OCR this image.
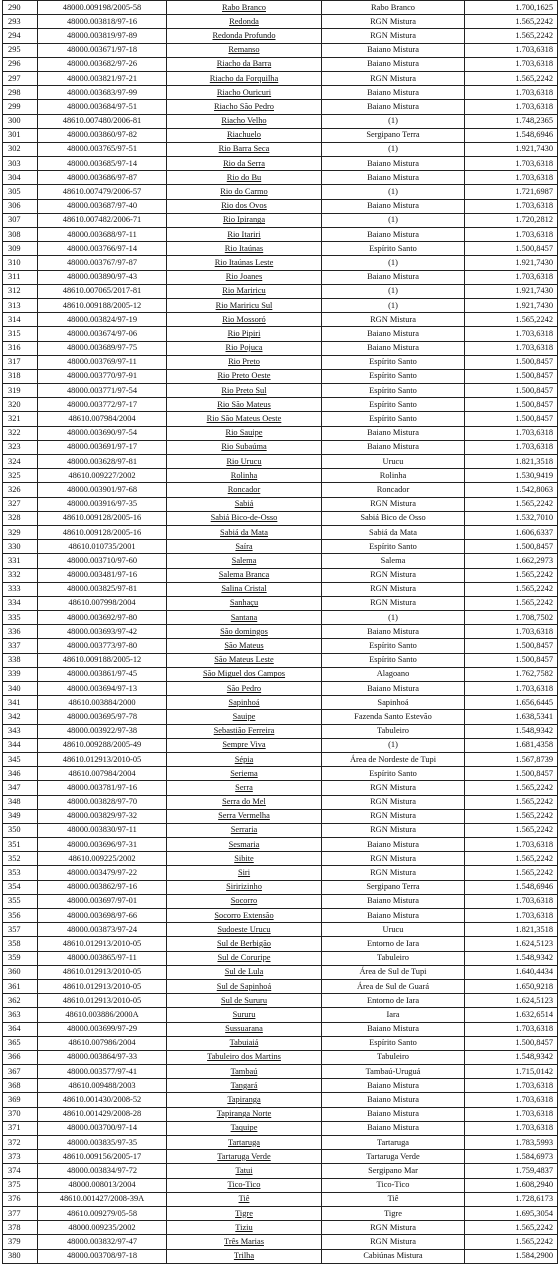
290	48000.009198/2005-58	Rabo Branco	Rabo Branco	1.700,1625
293	48000.003818/97-16	Redonda	RGN Mistura	1.565,2242
294	48000.003819/97-89	Redonda Profundo	RGN Mistura	1.565,2242
295	48000.003671/97-18	Remanso	Baiano Mistura	1.703,6318
296	48000.003682/97-26	Riacho da Barra	Baiano Mistura	1.703,6318
297	48000.003821/97-21	Riacho da Forquilha	RGN Mistura	1.565,2242
298	48000.003683/97-99	Riacho Ouricuri	Baiano Mistura	1.703,6318
299	48000.003684/97-51	Riacho São Pedro	Baiano Mistura	1.703,6318
300	48610.007480/2006-81	Riacho Velho	(1)	1.748,2365
301	48000.003860/97-82	Riachuelo	Sergipano Terra	1.548,6946
302	48000.003765/97-51	Rio Barra Seca	(1)	1.921,7430
303	48000.003685/97-14	Rio da Serra	Baiano Mistura	1.703,6318
304	48000.003686/97-87	Rio do Bu	Baiano Mistura	1.703,6318
305	48610.007479/2006-57	Rio do Carmo	(1)	1.721,6987
306	48000.003687/97-40	Rio dos Ovos	Baiano Mistura	1.703,6318
307	48610.007482/2006-71	Rio Ipiranga	(1)	1.720,2812
308	48000.003688/97-11	Rio Itariri	Baiano Mistura	1.703,6318
309	48000.003766/97-14	Rio Itaúnas	Espírito Santo	1.500,8457
310	48000.003767/97-87	Rio Itaúnas Leste	(1)	1.921,7430
311	48000.003890/97-43	Rio Joanes	Baiano Mistura	1.703,6318
312	48610.007065/2017-81	Rio Mariricu	(1)	1.921,7430
313	48610.009188/2005-12	Rio Mariricu Sul	(1)	1.921,7430
314	48000.003824/97-19	Rio Mossoró	RGN Mistura	1.565,2242
315	48000.003674/97-06	Rio Pipiri	Baiano Mistura	1.703,6318
316	48000.003689/97-75	Rio Pojuca	Baiano Mistura	1.703,6318
317	48000.003769/97-11	Rio Preto	Espírito Santo	1.500,8457
318	48000.003770/97-91	Rio Preto Oeste	Espírito Santo	1.500,8457
319	48000.003771/97-54	Rio Preto Sul	Espírito Santo	1.500,8457
320	48000.003772/97-17	Rio São Mateus	Espírito Santo	1.500,8457
321	48610.007984/2004	Rio São Mateus Oeste	Espírito Santo	1.500,8457
322	48000.003690/97-54	Rio Sauipe	Baiano Mistura	1.703,6318
323	48000.003691/97-17	Rio Subaúma	Baiano Mistura	1.703,6318
324	48000.003628/97-81	Rio Urucu	Urucu	1.821,3518
325	48610.009227/2002	Rolinha	Rolinha	1.530,9419
326	48000.003901/97-68	Roncador	Roncador	1.542,8063
327	48000.003916/97-35	Sabiá	RGN Mistura	1.565,2242
328	48610.009128/2005-16	Sabiá Bico-de-Osso	Sabiá Bico de Osso	1.532,7010
329	48610.009128/2005-16	Sabiá da Mata	Sabiá da Mata	1.606,6337
330	48610.010735/2001	Saíra	Espírito Santo	1.500,8457
331	48000.003710/97-60	Salema	Salema	1.662,2973
332	48000.003481/97-16	Salema Branca	RGN Mistura	1.565,2242
333	48000.003825/97-81	Salina Cristal	RGN Mistura	1.565,2242
334	48610.007998/2004	Sanhaçu	RGN Mistura	1.565,2242
335	48000.003692/97-80	Santana	(1)	1.708,7502
336	48000.003693/97-42	São domingos	Baiano Mistura	1.703,6318
337	48000.003773/97-80	São Mateus	Espírito Santo	1.500,8457
338	48610.009188/2005-12	São Mateus Leste	Espírito Santo	1.500,8457
339	48000.003861/97-45	São Miguel dos Campos	Alagoano	1.762,7582
340	48000.003694/97-13	São Pedro	Baiano Mistura	1.703,6318
341	48610.003884/2000	Sapinhoá	Sapinhoá	1.656,6445
342	48000.003695/97-78	Sauipe	Fazenda Santo Estevão	1.638,5341
343	48000.003922/97-38	Sebastião Ferreira	Tabuleiro	1.548,9342
344	48610.009288/2005-49	Sempre Viva	(1)	1.681,4358
345	48610.012913/2010-05	Sépia	Área de Nordeste de Tupi	1.567,8739
346	48610.007984/2004	Seriema	Espírito Santo	1.500,8457
347	48000.003781/97-16	Serra	RGN Mistura	1.565,2242
348	48000.003828/97-70	Serra do Mel	RGN Mistura	1.565,2242
349	48000.003829/97-32	Serra Vermelha	RGN Mistura	1.565,2242
350	48000.003830/97-11	Serraria	RGN Mistura	1.565,2242
351	48000.003696/97-31	Sesmaria	Baiano Mistura	1.703,6318
352	48610.009225/2002	Sibite	RGN Mistura	1.565,2242
353	48000.003479/97-22	Siri	RGN Mistura	1.565,2242
354	48000.003862/97-16	Siririzinho	Sergipano Terra	1.548,6946
355	48000.003697/97-01	Socorro	Baiano Mistura	1.703,6318
356	48000.003698/97-66	Socorro Extensão	Baiano Mistura	1.703,6318
357	48000.003873/97-24	Sudoeste Urucu	Urucu	1.821,3518
358	48610.012913/2010-05	Sul de Berbigão	Entorno de Iara	1.624,5123
359	48000.003865/97-11	Sul de Coruripe	Tabuleiro	1.548,9342
360	48610.012913/2010-05	Sul de Lula	Área de Sul de Tupi	1.640,4434
361	48610.012913/2010-05	Sul de Sapinhoá	Área de Sul de Guará	1.650,9218
362	48610.012913/2010-05	Sul de Sururu	Entorno de Iara	1.624,5123
363	48610.003886/2000A	Sururu	Iara	1.632,6514
364	48000.003699/97-29	Sussuarana	Baiano Mistura	1.703,6318
365	48610.007986/2004	Tabuiaiá	Espírito Santo	1.500,8457
366	48000.003864/97-33	Tabuleiro dos Martins	Tabuleiro	1.548,9342
367	48000.003577/97-41	Tambaú	Tambaú-Uruguá	1.715,0142
368	48610.009488/2003	Tangará	Baiano Mistura	1.703,6318
369	48610.001430/2008-52	Tapiranga	Baiano Mistura	1.703,6318
370	48610.001429/2008-28	Tapiranga Norte	Baiano Mistura	1.703,6318
371	48000.003700/97-14	Taquipe	Baiano Mistura	1.703,6318
372	48000.003835/97-35	Tartaruga	Tartaruga	1.783,5993
373	48610.009156/2005-17	Tartaruga Verde	Tartaruga Verde	1.584,6973
374	48000.003834/97-72	Tatui	Sergipano Mar	1.759,4837
375	48000.008013/2004	Tico-Tico	Tico-Tico	1.608,2940
376	48610.001427/2008-39A	Tiê	Tiê	1.728,6173
377	48610.009279/05-58	Tigre	Tigre	1.695,3054
378	48000.009235/2002	Tiziu	RGN Mistura	1.565,2242
379	48000.003832/97-47	Três Marias	RGN Mistura	1.565,2242
380	48000.003708/97-18	Trilha	Cabiúnas Mistura	1.584,2900
